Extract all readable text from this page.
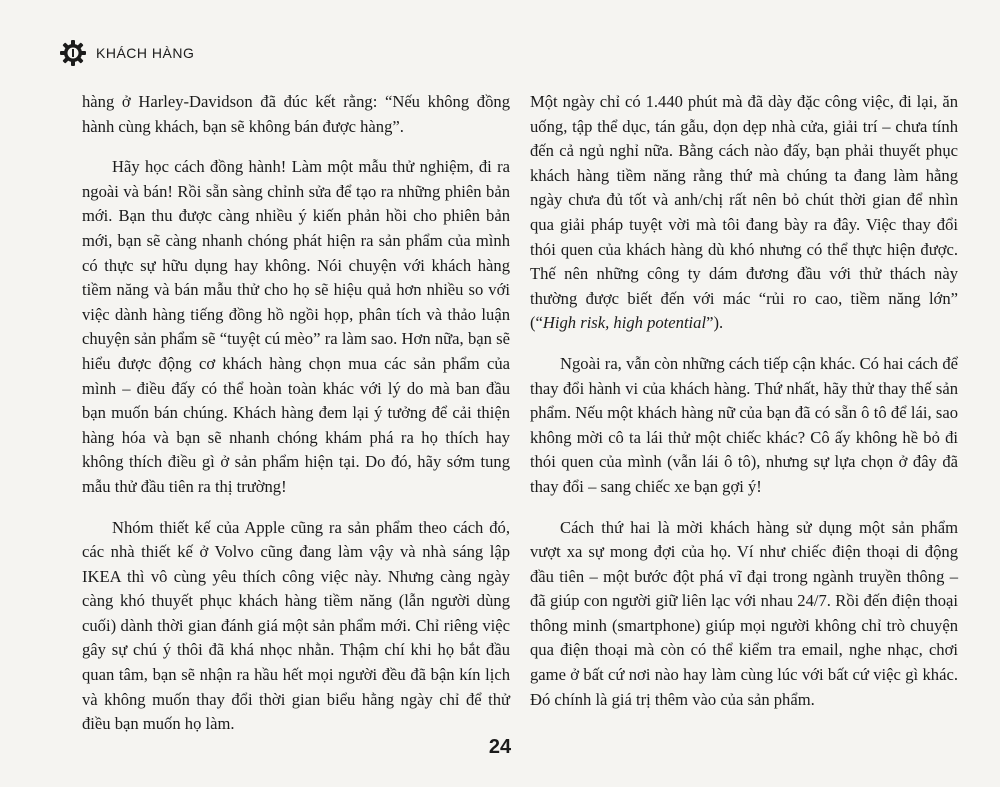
KHÁCH HÀNG

hàng ở Harley-Davidson đã đúc kết rằng: “Nếu không đồng hành cùng khách, bạn sẽ không bán được hàng”.

Hãy học cách đồng hành! Làm một mẫu thử nghiệm, đi ra ngoài và bán! Rồi sẵn sàng chỉnh sửa để tạo ra những phiên bản mới. Bạn thu được càng nhiều ý kiến phản hồi cho phiên bản mới, bạn sẽ càng nhanh chóng phát hiện ra sản phẩm của mình có thực sự hữu dụng hay không. Nói chuyện với khách hàng tiềm năng và bán mẫu thử cho họ sẽ hiệu quả hơn nhiều so với việc dành hàng tiếng đồng hồ ngồi họp, phân tích và thảo luận chuyện sản phẩm sẽ “tuyệt cú mèo” ra làm sao. Hơn nữa, bạn sẽ hiểu được động cơ khách hàng chọn mua các sản phẩm của mình – điều đấy có thể hoàn toàn khác với lý do mà ban đầu bạn muốn bán chúng. Khách hàng đem lại ý tưởng để cải thiện hàng hóa và bạn sẽ nhanh chóng khám phá ra họ thích hay không thích điều gì ở sản phẩm hiện tại. Do đó, hãy sớm tung mẫu thử đầu tiên ra thị trường!

Nhóm thiết kế của Apple cũng ra sản phẩm theo cách đó, các nhà thiết kế ở Volvo cũng đang làm vậy và nhà sáng lập IKEA thì vô cùng yêu thích công việc này. Nhưng càng ngày càng khó thuyết phục khách hàng tiềm năng (lẫn người dùng cuối) dành thời gian đánh giá một sản phẩm mới. Chỉ riêng việc gây sự chú ý thôi đã khá nhọc nhằn. Thậm chí khi họ bắt đầu quan tâm, bạn sẽ nhận ra hầu hết mọi người đều đã bận kín lịch và không muốn thay đổi thời gian biểu hằng ngày chỉ để thử điều bạn muốn họ làm.

Một ngày chỉ có 1.440 phút mà đã dày đặc công việc, đi lại, ăn uống, tập thể dục, tán gẫu, dọn dẹp nhà cửa, giải trí – chưa tính đến cả ngủ nghỉ nữa. Bằng cách nào đấy, bạn phải thuyết phục khách hàng tiềm năng rằng thứ mà chúng ta đang làm hằng ngày chưa đủ tốt và anh/chị rất nên bỏ chút thời gian để nhìn qua giải pháp tuyệt vời mà tôi đang bày ra đây. Việc thay đổi thói quen của khách hàng dù khó nhưng có thể thực hiện được. Thế nên những công ty dám đương đầu với thử thách này thường được biết đến với mác “rủi ro cao, tiềm năng lớn” (“High risk, high potential”).

Ngoài ra, vẫn còn những cách tiếp cận khác. Có hai cách để thay đổi hành vi của khách hàng. Thứ nhất, hãy thử thay thế sản phẩm. Nếu một khách hàng nữ của bạn đã có sẵn ô tô để lái, sao không mời cô ta lái thử một chiếc khác? Cô ấy không hề bỏ đi thói quen của mình (vẫn lái ô tô), nhưng sự lựa chọn ở đây đã thay đổi – sang chiếc xe bạn gợi ý!

Cách thứ hai là mời khách hàng sử dụng một sản phẩm vượt xa sự mong đợi của họ. Ví như chiếc điện thoại di động đầu tiên – một bước đột phá vĩ đại trong ngành truyền thông – đã giúp con người giữ liên lạc với nhau 24/7. Rồi đến điện thoại thông minh (smartphone) giúp mọi người không chỉ trò chuyện qua điện thoại mà còn có thể kiểm tra email, nghe nhạc, chơi game ở bất cứ nơi nào hay làm cùng lúc với bất cứ việc gì khác. Đó chính là giá trị thêm vào của sản phẩm.

24
